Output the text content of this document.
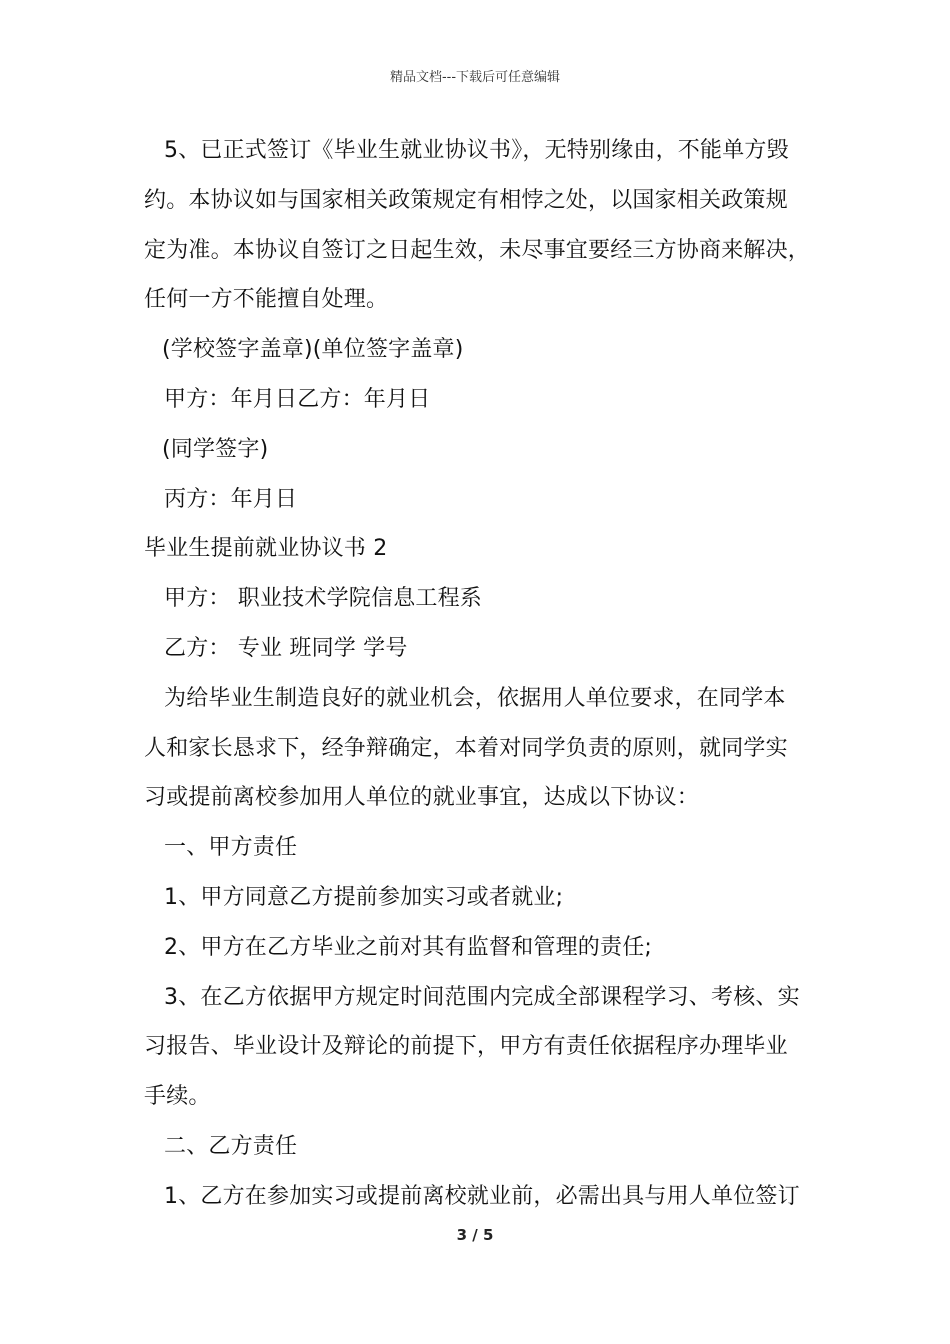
精品文档---下载后可任意编辑
5、已正式签订《毕业生就业协议书》，无特别缘由，不能单方毁
约。本协议如与国家相关政策规定有相悖之处，以国家相关政策规
定为准。本协议自签订之日起生效，未尽事宜要经三方协商来解决，
任何一方不能擅自处理。
(学校签字盖章)(单位签字盖章)
甲方：年月日乙方：年月日
(同学签字)
丙方：年月日
毕业生提前就业协议书 2
甲方： 职业技术学院信息工程系
乙方： 专业 班同学 学号
为给毕业生制造良好的就业机会，依据用人单位要求，在同学本
人和家长恳求下，经争辩确定，本着对同学负责的原则，就同学实
习或提前离校参加用人单位的就业事宜，达成以下协议：
一、甲方责任
1、甲方同意乙方提前参加实习或者就业;
2、甲方在乙方毕业之前对其有监督和管理的责任;
3、在乙方依据甲方规定时间范围内完成全部课程学习、考核、实
习报告、毕业设计及辩论的前提下，甲方有责任依据程序办理毕业
手续。
二、乙方责任
1、乙方在参加实习或提前离校就业前，必需出具与用人单位签订
3 / 5
